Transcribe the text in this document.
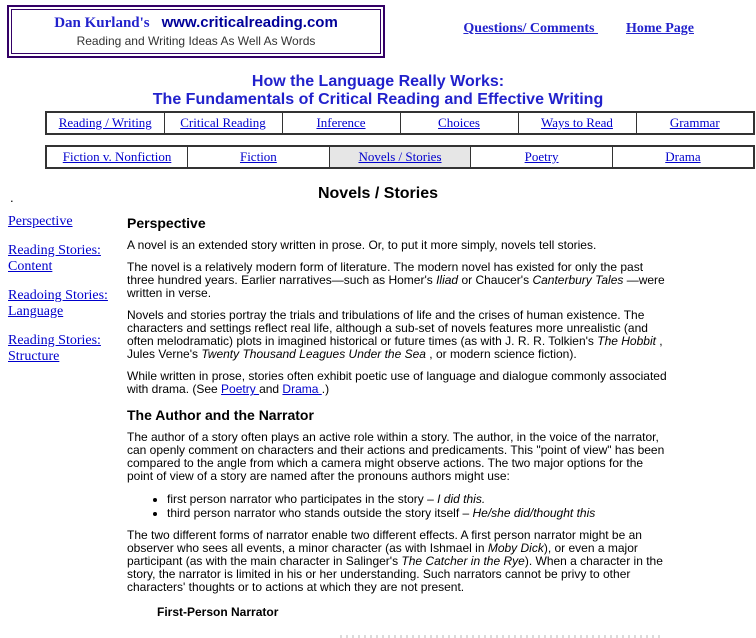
Dan Kurland's www.criticalreading.com
Reading and Writing Ideas As Well As Words
Questions/ Comments Home Page
How the Language Really Works:
The Fundamentals of Critical Reading and Effective Writing
Reading / Writing	Critical Reading	Inference	Choices	Ways to Read	Grammar
Fiction v. Nonfiction	Fiction	Novels / Stories	Poetry	Drama
.	Novels / Stories
Perspective
Reading Stories: Content
Readoing Stories: Language
Reading Stories: Structure
Perspective

A novel is an extended story written in prose. Or, to put it more simply, novels tell stories.

The novel is a relatively modern form of literature. The modern novel has existed for only the past three hundred years. Earlier narratives—such as Homer's Iliad or Chaucer's Canterbury Tales —were written in verse.

Novels and stories portray the trials and tribulations of life and the crises of human existence. The characters and settings reflect real life, although a sub-set of novels features more unrealistic (and often melodramatic) plots in imagined historical or future times (as with J. R. R. Tolkien's The Hobbit , Jules Verne's Twenty Thousand Leagues Under the Sea , or modern science fiction).

While written in prose, stories often exhibit poetic use of language and dialogue commonly associated with drama. (See Poetry and Drama .)

The Author and the Narrator

The author of a story often plays an active role within a story. The author, in the voice of the narrator, can openly comment on characters and their actions and predicaments. This "point of view" has been compared to the angle from which a camera might observe actions. The two major options for the point of view of a story are named after the pronouns authors might use:

• first person narrator who participates in the story – I did this.
• third person narrator who stands outside the story itself – He/she did/thought this

The two different forms of narrator enable two different effects. A first person narrator might be an observer who sees all events, a minor character (as with Ishmael in Moby Dick), or even a major participant (as with the main character in Salinger's The Catcher in the Rye). When a character in the story, the narrator is limited in his or her understanding. Such narrators cannot be privy to other characters' thoughts or to actions at which they are not present.

First-Person Narrator
